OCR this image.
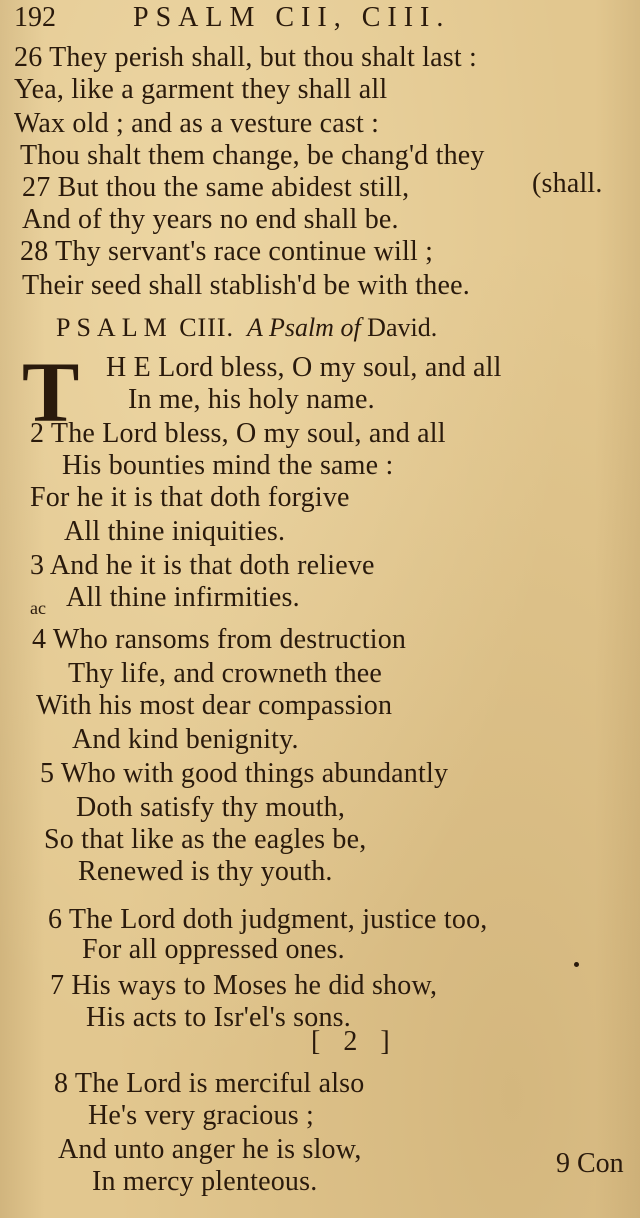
192	PSALM CII, CIII.
26 They perish shall, but thou shalt last :
Yea, like a garment they shall all
Wax old ; and as a vesture cast :
Thou shalt them change, be chang'd they
27 But thou the same abidest still,	(shall.
And of thy years no end shall be.
28 Thy servant's race continue will ;
Their seed shall stablish'd be with thee.
PSALM CIII. A Psalm of David.
T H E Lord bless, O my soul, and all
In me, his holy name.
2 The Lord bless, O my soul, and all
His bounties mind the same :
For he it is that doth forgive
All thine iniquities.
3 And he it is that doth relieve
All thine infirmities.
4 Who ransoms from destruction
Thy life, and crowneth thee
With his most dear compassion
And kind benignity.
5 Who with good things abundantly
Doth satisfy thy mouth,
So that like as the eagles be,
Renewed is thy youth.
6 The Lord doth judgment, justice too,
For all oppressed ones.
7 His ways to Moses he did show,
His acts to Isr'el's sons.
8 The Lord is merciful also
He's very gracious ;
And unto anger he is slow,
In mercy plenteous.
ac
[ 2 ]
9 Con
